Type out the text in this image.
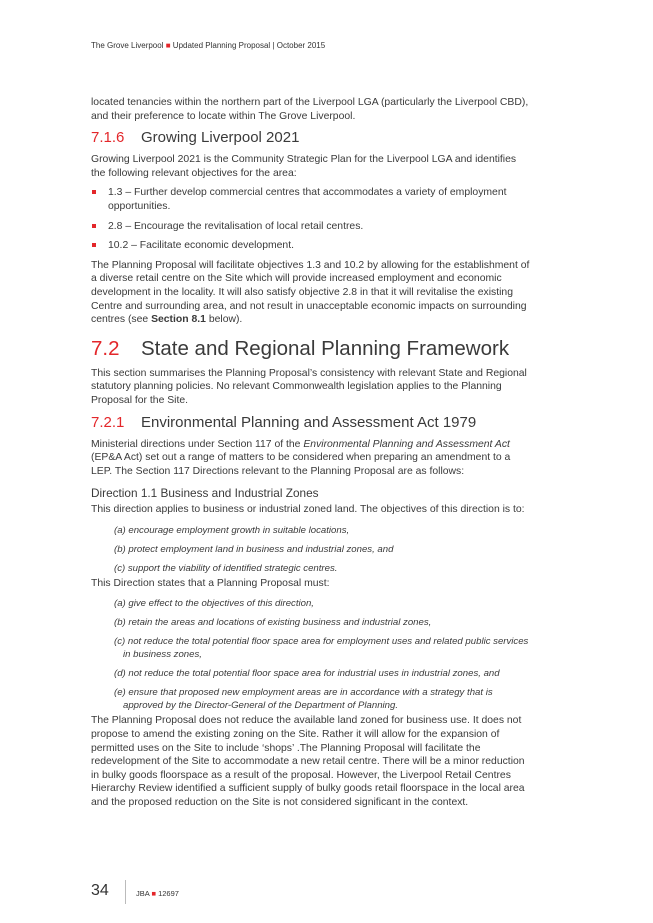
The Grove Liverpool ■ Updated Planning Proposal | October 2015

located tenancies within the northern part of the Liverpool LGA (particularly the Liverpool CBD), and their preference to locate within The Grove Liverpool.

7.1.6 Growing Liverpool 2021

Growing Liverpool 2021 is the Community Strategic Plan for the Liverpool LGA and identifies the following relevant objectives for the area:

1.3 – Further develop commercial centres that accommodates a variety of employment opportunities.
2.8 – Encourage the revitalisation of local retail centres.
10.2 – Facilitate economic development.

The Planning Proposal will facilitate objectives 1.3 and 10.2 by allowing for the establishment of a diverse retail centre on the Site which will provide increased employment and economic development in the locality. It will also satisfy objective 2.8 in that it will revitalise the existing Centre and surrounding area, and not result in unacceptable economic impacts on surrounding centres (see Section 8.1 below).

7.2 State and Regional Planning Framework

This section summarises the Planning Proposal’s consistency with relevant State and Regional statutory planning policies. No relevant Commonwealth legislation applies to the Planning Proposal for the Site.

7.2.1 Environmental Planning and Assessment Act 1979

Ministerial directions under Section 117 of the Environmental Planning and Assessment Act (EP&A Act) set out a range of matters to be considered when preparing an amendment to a LEP. The Section 117 Directions relevant to the Planning Proposal are as follows:

Direction 1.1 Business and Industrial Zones

This direction applies to business or industrial zoned land. The objectives of this direction is to:

(a) encourage employment growth in suitable locations,
(b) protect employment land in business and industrial zones, and
(c) support the viability of identified strategic centres.

This Direction states that a Planning Proposal must:

(a) give effect to the objectives of this direction,
(b) retain the areas and locations of existing business and industrial zones,
(c) not reduce the total potential floor space area for employment uses and related public services in business zones,
(d) not reduce the total potential floor space area for industrial uses in industrial zones, and
(e) ensure that proposed new employment areas are in accordance with a strategy that is approved by the Director-General of the Department of Planning.

The Planning Proposal does not reduce the available land zoned for business use. It does not propose to amend the existing zoning on the Site. Rather it will allow for the expansion of permitted uses on the Site to include ‘shops’ .The Planning Proposal will facilitate the redevelopment of the Site to accommodate a new retail centre. There will be a minor reduction in bulky goods floorspace as a result of the proposal. However, the Liverpool Retail Centres Hierarchy Review identified a sufficient supply of bulky goods retail floorspace in the local area and the proposed reduction on the Site is not considered significant in the context.

34	JBA ■ 12697
